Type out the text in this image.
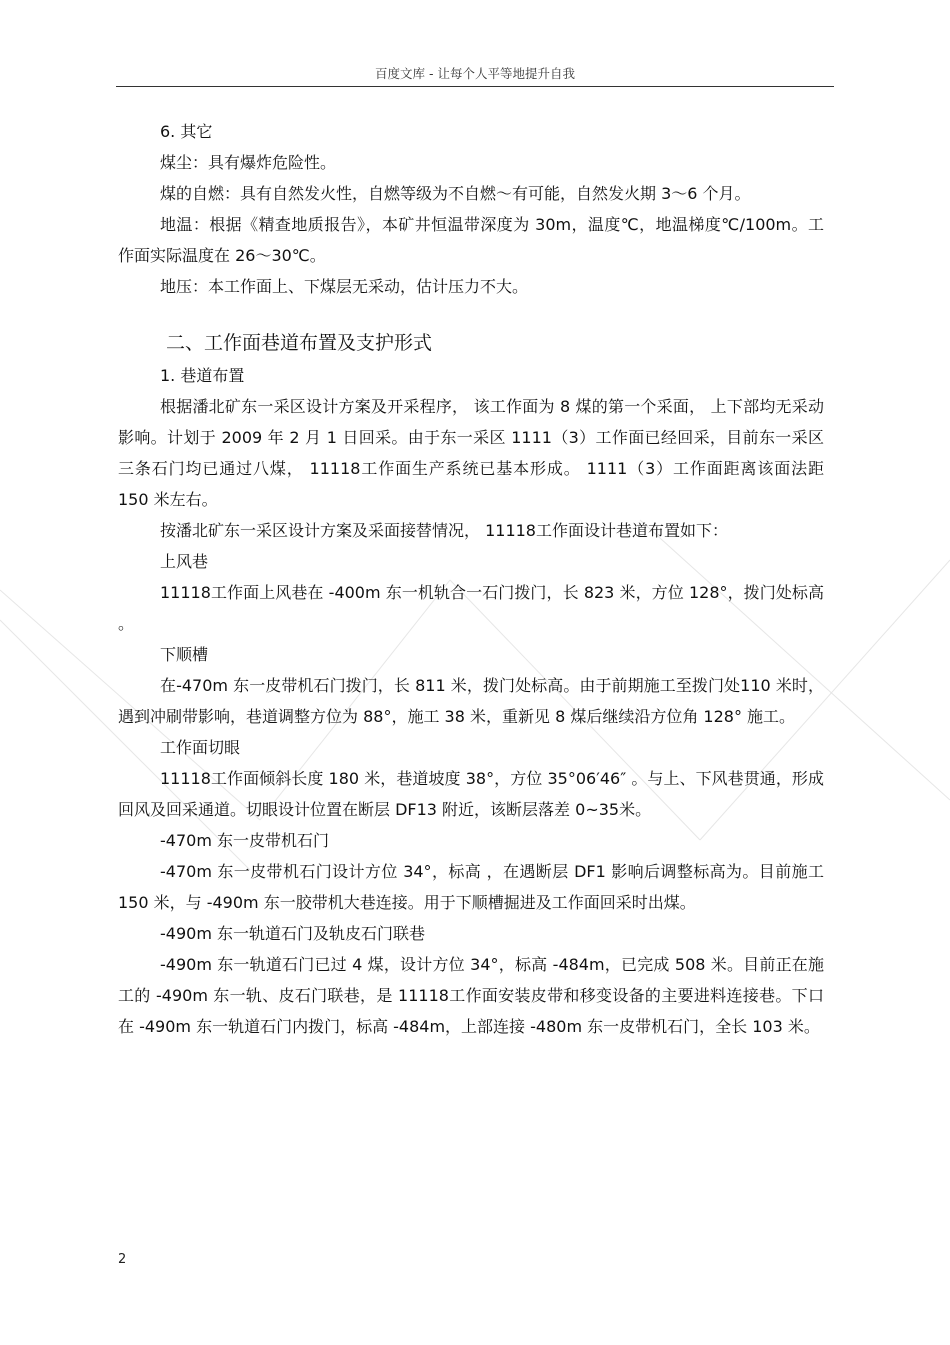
百度文库 - 让每个人平等地提升自我

6. 其它

煤尘：具有爆炸危险性。

煤的自燃：具有自然发火性，自燃等级为不自燃～有可能，自然发火期 3～6 个月。

地温：根据《精查地质报告》，本矿井恒温带深度为 30m，温度℃，地温梯度℃/100m。工作面实际温度在 26～30℃。

地压：本工作面上、下煤层无采动，估计压力不大。

二、工作面巷道布置及支护形式

1. 巷道布置

根据潘北矿东一采区设计方案及开采程序， 该工作面为 8 煤的第一个采面， 上下部均无采动影响。计划于 2009 年 2 月 1 日回采。由于东一采区 1111（3）工作面已经回采，目前东一采区三条石门均已通过八煤， 11118工作面生产系统已基本形成。 1111（3）工作面距离该面法距 150 米左右。

按潘北矿东一采区设计方案及采面接替情况， 11118工作面设计巷道布置如下：

上风巷

11118工作面上风巷在 -400m 东一机轨合一石门拨门，长 823 米，方位 128°，拨门处标高 。

下顺槽

在-470m 东一皮带机石门拨门，长 811 米，拨门处标高。由于前期施工至拨门处110 米时，遇到冲刷带影响，巷道调整方位为 88°，施工 38 米，重新见 8 煤后继续沿方位角 128° 施工。

工作面切眼

11118工作面倾斜长度 180 米，巷道坡度 38°，方位 35°06′46″ 。与上、下风巷贯通，形成回风及回采通道。切眼设计位置在断层 DF13 附近，该断层落差 0~35米。

-470m 东一皮带机石门

-470m 东一皮带机石门设计方位 34°，标高 ，在遇断层 DF1 影响后调整标高为。目前施工 150 米，与 -490m 东一胶带机大巷连接。用于下顺槽掘进及工作面回采时出煤。

-490m 东一轨道石门及轨皮石门联巷

-490m 东一轨道石门已过 4 煤，设计方位 34°，标高 -484m，已完成 508 米。目前正在施工的 -490m 东一轨、皮石门联巷，是 11118工作面安装皮带和移变设备的主要进料连接巷。下口在 -490m 东一轨道石门内拨门，标高 -484m，上部连接 -480m 东一皮带机石门，全长 103 米。

2
